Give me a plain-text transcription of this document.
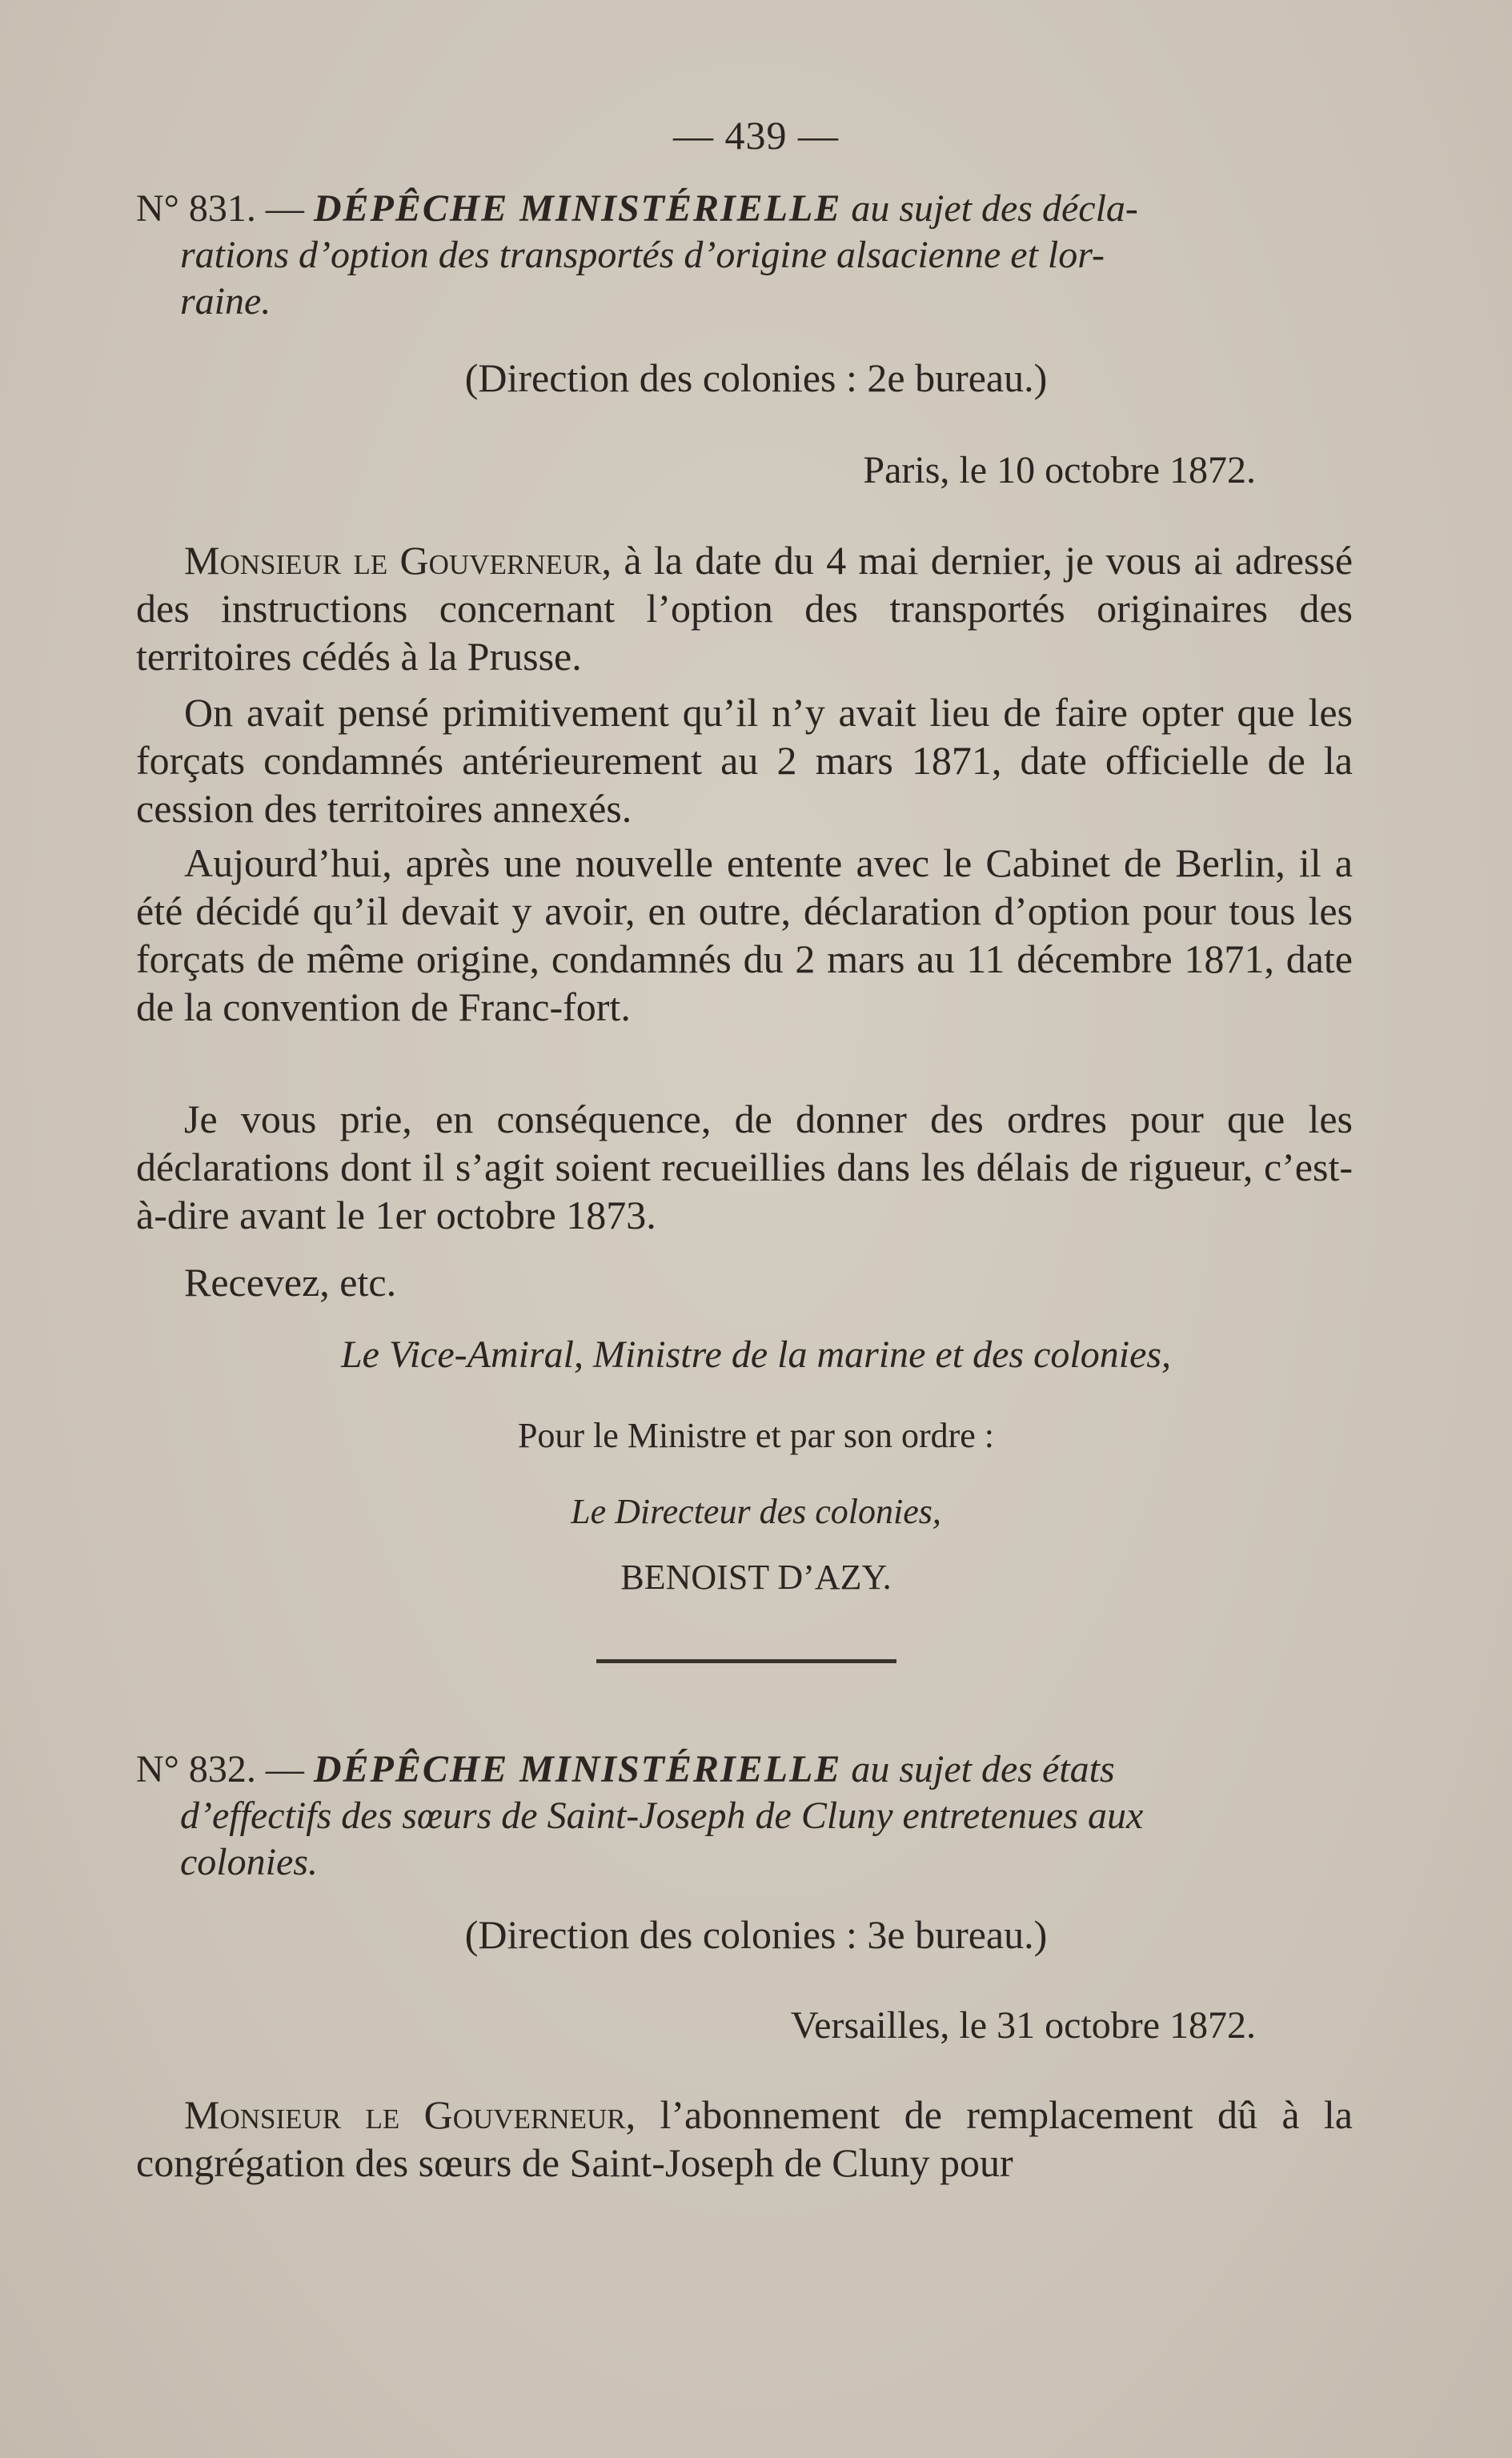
— 439 —
N° 831. — DÉPÊCHE MINISTÉRIELLE au sujet des décla-
rations d’option des transportés d’origine alsacienne et lor-
raine.
(Direction des colonies : 2e bureau.)
Paris, le 10 octobre 1872.
Monsieur le Gouverneur, à la date du 4 mai dernier, je vous ai adressé des instructions concernant l’option des transportés originaires des territoires cédés à la Prusse.
On avait pensé primitivement qu’il n’y avait lieu de faire opter que les forçats condamnés antérieurement au 2 mars 1871, date officielle de la cession des territoires annexés.
Aujourd’hui, après une nouvelle entente avec le Cabinet de Berlin, il a été décidé qu’il devait y avoir, en outre, déclaration d’option pour tous les forçats de même origine, condamnés du 2 mars au 11 décembre 1871, date de la convention de Franc-fort.
Je vous prie, en conséquence, de donner des ordres pour que les déclarations dont il s’agit soient recueillies dans les délais de rigueur, c’est-à-dire avant le 1er octobre 1873.
Recevez, etc.
Le Vice-Amiral, Ministre de la marine et des colonies,
Pour le Ministre et par son ordre :
Le Directeur des colonies,
BENOIST D’AZY.
N° 832. — DÉPÊCHE MINISTÉRIELLE au sujet des états
d’effectifs des sœurs de Saint-Joseph de Cluny entretenues aux
colonies.
(Direction des colonies : 3e bureau.)
Versailles, le 31 octobre 1872.
Monsieur le Gouverneur, l’abonnement de remplacement dû à la congrégation des sœurs de Saint-Joseph de Cluny pour
